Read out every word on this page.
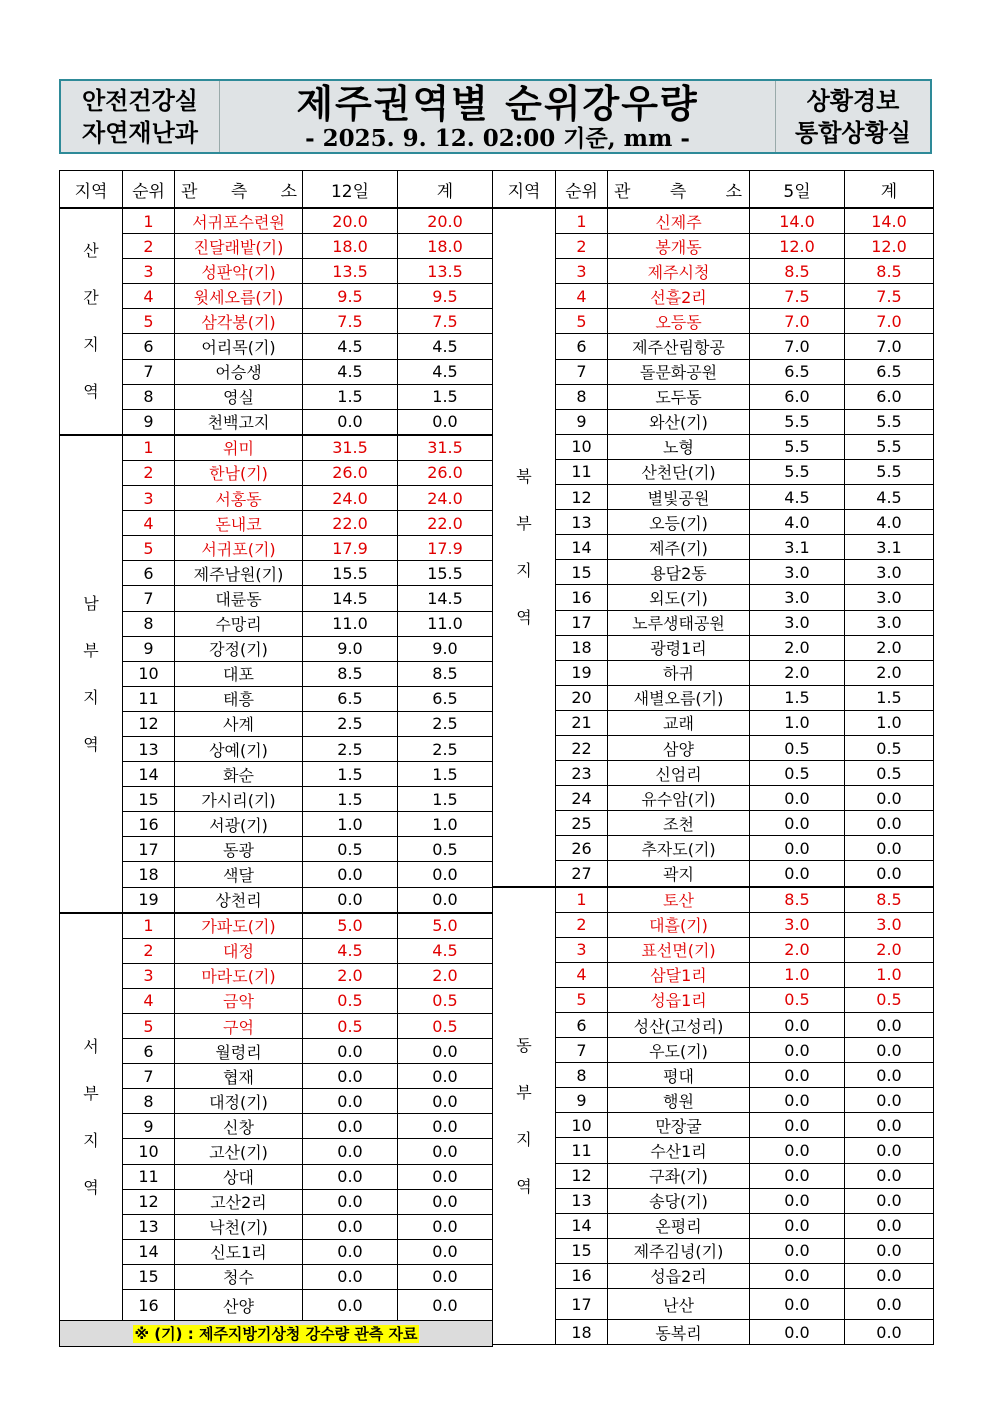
안전건강실
자연재난과
제주권역별 순위강우량
- 2025. 9. 12. 02:00 기준, mm -
상황경보
통합상황실
지역	순위	관 측 소	12일	계

산
간
지
역	1	서귀포수련원	20.0	20.0
	2	진달래밭(기)	18.0	18.0
	3	성판악(기)	13.5	13.5
	4	윗세오름(기)	9.5	9.5
	5	삼각봉(기)	7.5	7.5
	6	어리목(기)	4.5	4.5
	7	어승생	4.5	4.5
	8	영실	1.5	1.5
	9	천백고지	0.0	0.0

남
부
지
역	1	위미	31.5	31.5
	2	한남(기)	26.0	26.0
	3	서홍동	24.0	24.0
	4	돈내코	22.0	22.0
	5	서귀포(기)	17.9	17.9
	6	제주남원(기)	15.5	15.5
	7	대륜동	14.5	14.5
	8	수망리	11.0	11.0
	9	강정(기)	9.0	9.0
	10	대포	8.5	8.5
	11	태흥	6.5	6.5
	12	사계	2.5	2.5
	13	상예(기)	2.5	2.5
	14	화순	1.5	1.5
	15	가시리(기)	1.5	1.5
	16	서광(기)	1.0	1.0
	17	동광	0.5	0.5
	18	색달	0.0	0.0
	19	상천리	0.0	0.0

서
부
지
역	1	가파도(기)	5.0	5.0
	2	대정	4.5	4.5
	3	마라도(기)	2.0	2.0
	4	금악	0.5	0.5
	5	구억	0.5	0.5
	6	월령리	0.0	0.0
	7	협재	0.0	0.0
	8	대정(기)	0.0	0.0
	9	신창	0.0	0.0
	10	고산(기)	0.0	0.0
	11	상대	0.0	0.0
	12	고산2리	0.0	0.0
	13	낙천(기)	0.0	0.0
	14	신도1리	0.0	0.0
	15	청수	0.0	0.0
	16	산양	0.0	0.0
※ (기) : 제주지방기상청 강수량 관측 자료				
지역	순위	관 측 소	5일	계

북
부
지
역	1	신제주	14.0	14.0
	2	봉개동	12.0	12.0
	3	제주시청	8.5	8.5
	4	선흘2리	7.5	7.5
	5	오등동	7.0	7.0
	6	제주산림항공	7.0	7.0
	7	돌문화공원	6.5	6.5
	8	도두동	6.0	6.0
	9	와산(기)	5.5	5.5
	10	노형	5.5	5.5
	11	산천단(기)	5.5	5.5
	12	별빛공원	4.5	4.5
	13	오등(기)	4.0	4.0
	14	제주(기)	3.1	3.1
	15	용담2동	3.0	3.0
	16	외도(기)	3.0	3.0
	17	노루생태공원	3.0	3.0
	18	광령1리	2.0	2.0
	19	하귀	2.0	2.0
	20	새별오름(기)	1.5	1.5
	21	교래	1.0	1.0
	22	삼양	0.5	0.5
	23	신엄리	0.5	0.5
	24	유수암(기)	0.0	0.0
	25	조천	0.0	0.0
	26	추자도(기)	0.0	0.0
	27	곽지	0.0	0.0

동
부
지
역	1	토산	8.5	8.5
	2	대흘(기)	3.0	3.0
	3	표선면(기)	2.0	2.0
	4	삼달1리	1.0	1.0
	5	성읍1리	0.5	0.5
	6	성산(고성리)	0.0	0.0
	7	우도(기)	0.0	0.0
	8	평대	0.0	0.0
	9	행원	0.0	0.0
	10	만장굴	0.0	0.0
	11	수산1리	0.0	0.0
	12	구좌(기)	0.0	0.0
	13	송당(기)	0.0	0.0
	14	온평리	0.0	0.0
	15	제주김녕(기)	0.0	0.0
	16	성읍2리	0.0	0.0
	17	난산	0.0	0.0
	18	동복리	0.0	0.0
